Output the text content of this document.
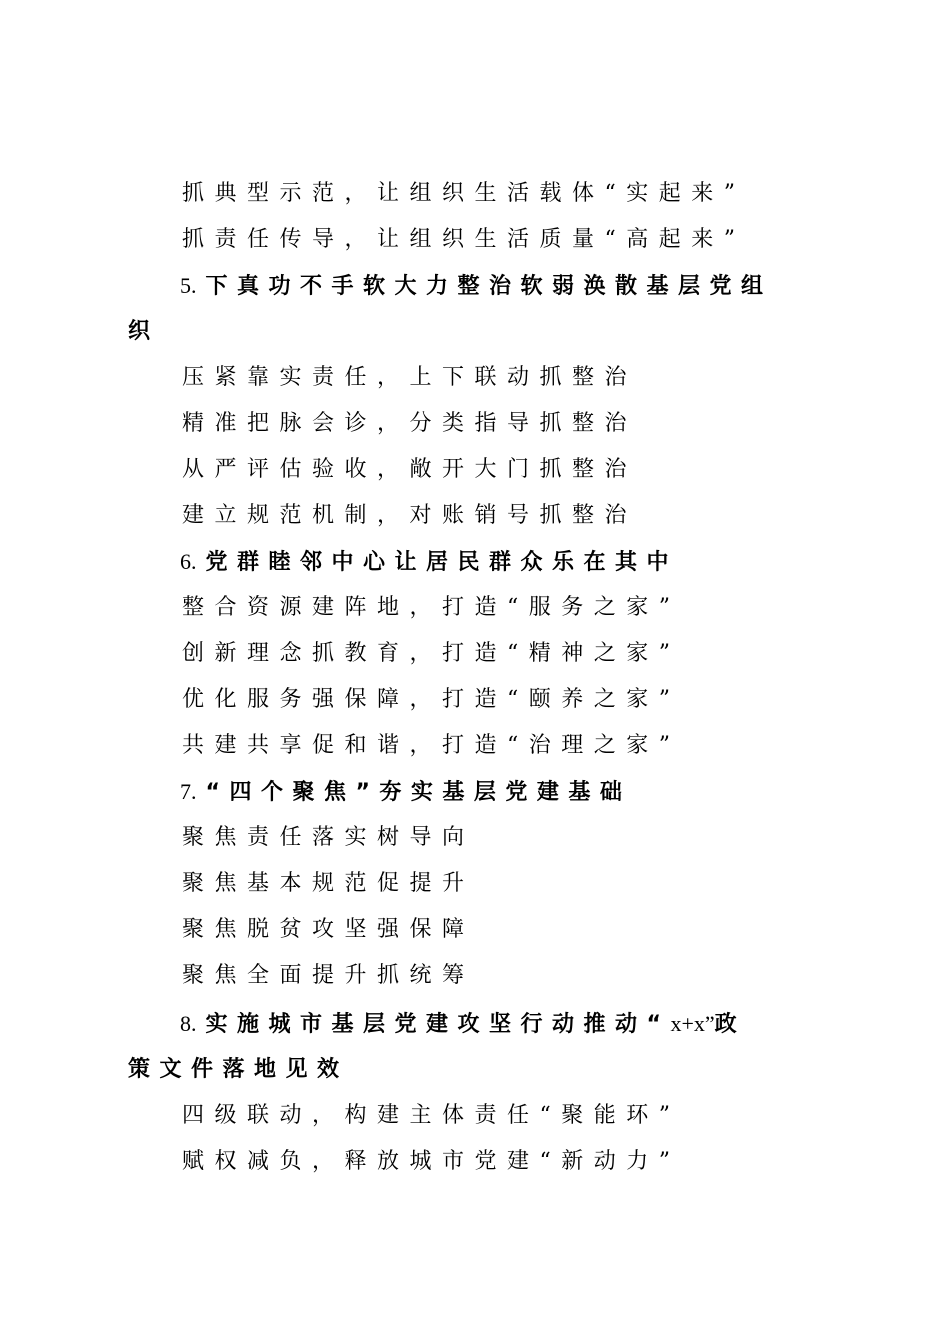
抓典型示范，让组织生活载体“实起来”
抓责任传导，让组织生活质量“高起来”
5. 下真功不手软大力整治软弱涣散基层党组
织
压紧靠实责任，上下联动抓整治
精准把脉会诊，分类指导抓整治
从严评估验收，敞开大门抓整治
建立规范机制，对账销号抓整治
6. 党群睦邻中心让居民群众乐在其中
整合资源建阵地，打造“服务之家”
创新理念抓教育，打造“精神之家”
优化服务强保障，打造“颐养之家”
共建共享促和谐，打造“治理之家”
7. “四个聚焦”夯实基层党建基础
聚焦责任落实树导向
聚焦基本规范促提升
聚焦脱贫攻坚强保障
聚焦全面提升抓统筹
8. 实施城市基层党建攻坚行动推动“x+x”政
策文件落地见效
四级联动，构建主体责任“聚能环”
赋权减负，释放城市党建“新动力”
